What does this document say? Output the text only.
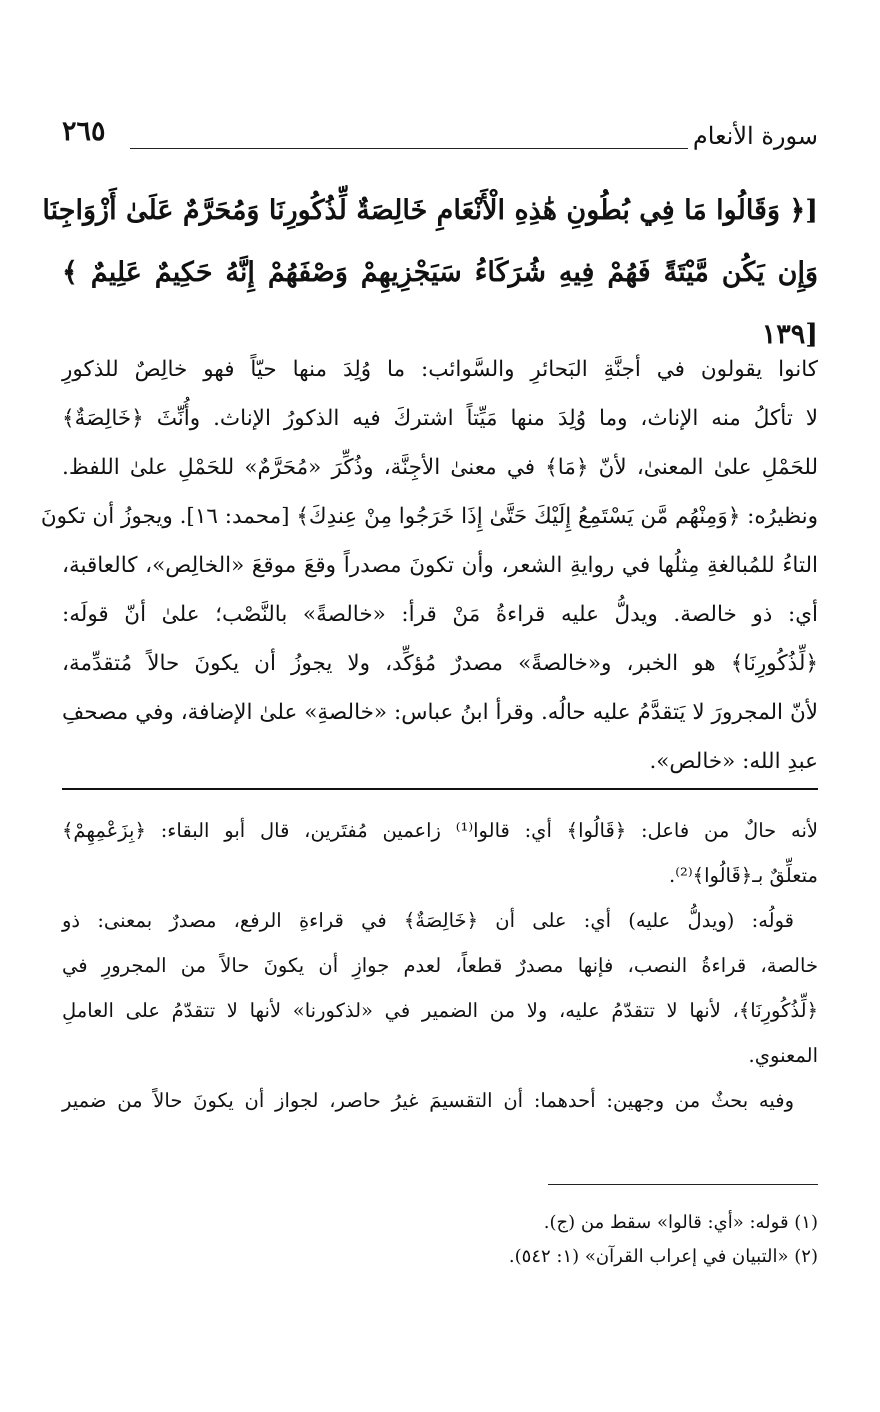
سورة الأنعام
٢٦٥
[﴿ وَقَالُوا مَا فِي بُطُونِ هَٰذِهِ الْأَنْعَامِ خَالِصَةٌ لِّذُكُورِنَا وَمُحَرَّمٌ عَلَىٰ أَزْوَاجِنَا
وَإِن يَكُن مَّيْتَةً فَهُمْ فِيهِ شُرَكَاءُ سَيَجْزِيهِمْ وَصْفَهُمْ إِنَّهُ حَكِيمٌ عَلِيمٌ ﴾
[١٣٩
كانوا يقولون في أجنَّةِ البَحائرِ والسَّوائب: ما وُلِدَ منها حيّاً فهو خالِصٌ للذكورِ
لا تأكلُ منه الإناث، وما وُلِدَ منها مَيِّتاً اشتركَ فيه الذكورُ الإناث. وأُنِّثَ ﴿خَالِصَةٌ﴾
للحَمْلِ علىٰ المعنىٰ، لأنّ ﴿مَا﴾ في معنىٰ الأجِنَّة، وذُكِّرَ «مُحَرَّمٌ» للحَمْلِ علىٰ اللفظ.
ونظيرُه: ﴿وَمِنْهُم مَّن يَسْتَمِعُ إِلَيْكَ حَتَّىٰ إِذَا خَرَجُوا مِنْ عِندِكَ﴾ [محمد: ١٦]. ويجوزُ أن تكونَ
التاءُ للمُبالغةِ مِثلُها في روايةِ الشعر، وأن تكونَ مصدراً وقعَ موقعَ «الخالِص»، كالعاقبة،
أي: ذو خالصة. ويدلُّ عليه قراءةُ مَنْ قرأ: «خالصةً» بالنَّصْب؛ علىٰ أنّ قولَه:
﴿لِّذُكُورِنَا﴾ هو الخبر، و«خالصةً» مصدرٌ مُؤكِّد، ولا يجوزُ أن يكونَ حالاً مُتقدِّمة،
لأنّ المجرورَ لا يَتقدَّمُ عليه حالُه. وقرأ ابنُ عباس: «خالصةِ» علىٰ الإضافة، وفي مصحفِ
عبدِ الله: «خالص».
لأنه حالٌ من فاعل: ﴿قَالُوا﴾ أي: قالوا⁽¹⁾ زاعمين مُفتَرين، قال أبو البقاء: ﴿بِزَعْمِهِمْ﴾
متعلِّقٌ بـ﴿قَالُوا﴾⁽²⁾.
قولُه: (ويدلُّ عليه) أي: على أن ﴿خَالِصَةٌ﴾ في قراءةِ الرفع، مصدرٌ بمعنى: ذو
خالصة، قراءةُ النصب، فإنها مصدرٌ قطعاً، لعدم جوازِ أن يكونَ حالاً من المجرورِ في
﴿لِّذُكُورِنَا﴾، لأنها لا تتقدّمُ عليه، ولا من الضمير في «لذكورنا» لأنها لا تتقدّمُ على العاملِ
المعنوي.
وفيه بحثٌ من وجهين: أحدهما: أن التقسيمَ غيرُ حاصر، لجواز أن يكونَ حالاً من ضمير
(١) قوله: «أي: قالوا» سقط من (ج).
(٢) «التبيان في إعراب القرآن» (١: ٥٤٢).
